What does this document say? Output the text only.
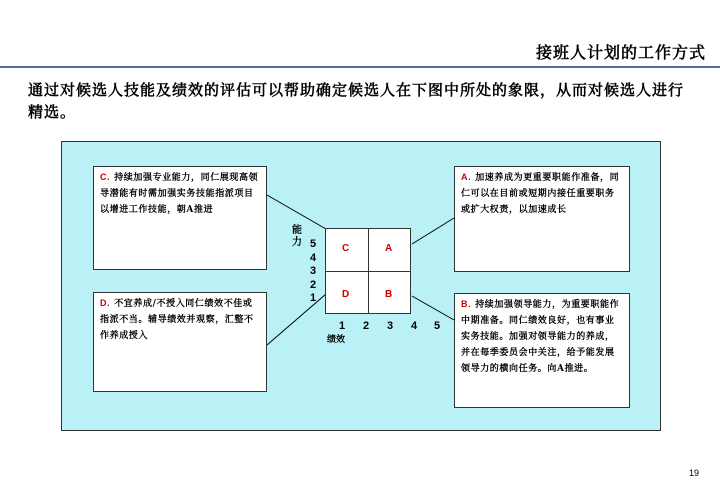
接班人计划的工作方式
通过对候选人技能及绩效的评估可以帮助确定候选人在下图中所处的象限，从而对候选人进行精选。
C. 持续加强专业能力，同仁展现高领导潜能有时需加强实务技能指派项目以增进工作技能，朝A推进
D. 不宜养成/不授入同仁绩效不佳或指派不当。辅导绩效并观察，汇整不作养成授入
A. 加速养成为更重要职能作准备，同仁可以在目前或短期内接任重要职务或扩大权责，以加速成长
B. 持续加强领导能力，为重要职能作中期准备。同仁绩效良好，也有事业实务技能。加强对领导能力的养成，并在每季委员会中关注，给予能发展领导力的横向任务。向A推进。
C	A
D	B
能力 5
4
3
2
1
1 2 3 4 5
绩效
19
